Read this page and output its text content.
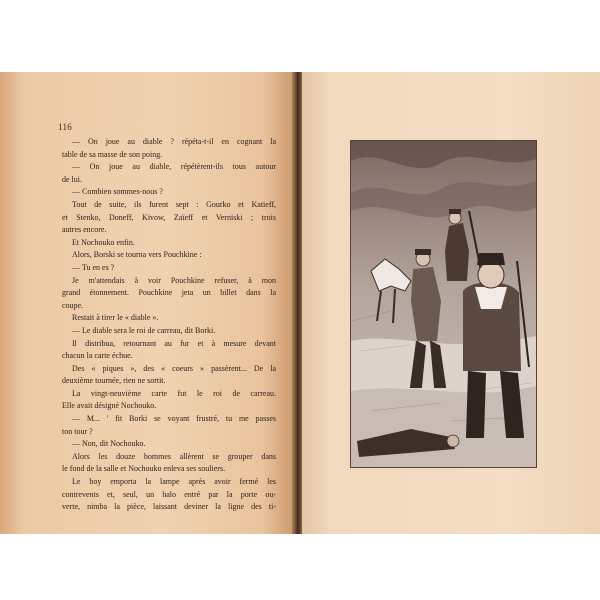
116
— On joue au diable ? répéta-t-il en cognant la
table de sa masse de son poing.
— On joue au diable, répétèrent-ils tous autour
de lui.
— Combien sommes-nous ?
Tout de suite, ils furent sept : Gourko et Katieff,
et Stenko, Doneff, Kivow, Zaïeff et Verniski ; trois
autres encore.
Et Nochouko enfin.
Alors, Borski se tourna vers Pouchkine :
— Tu en es ?
Je m'attendais à voir Pouchkine refuser, à mon
grand étonnement. Pouchkine jeta un billet dans la
coupe.
Restait à tirer le « diable ».
— Le diable sera le roi de carreau, dit Borki.
Il distribua, retournant au fur et à mesure devant
chacun la carte échue.
Des « piques », des « coeurs » passèrent... De la
deuxième tournée, rien ne sortit.
La vingt-neuvième carte fut le roi de carreau.
Elle avait désigné Nochouko.
— M... ' fit Borki se voyant frustré, tu me passes
ton tour ?
— Non, dit Nochouko.
Alors les douze hommes allèrent se grouper dans
le fond de la salle et Nochouko enleva ses souliers.
Le boy emporta la lampe après avoir fermé les
contrevents et, seul, un halo entré par la porte ou-
verte, nimba la pièce, laissant deviner la ligne des ti-
